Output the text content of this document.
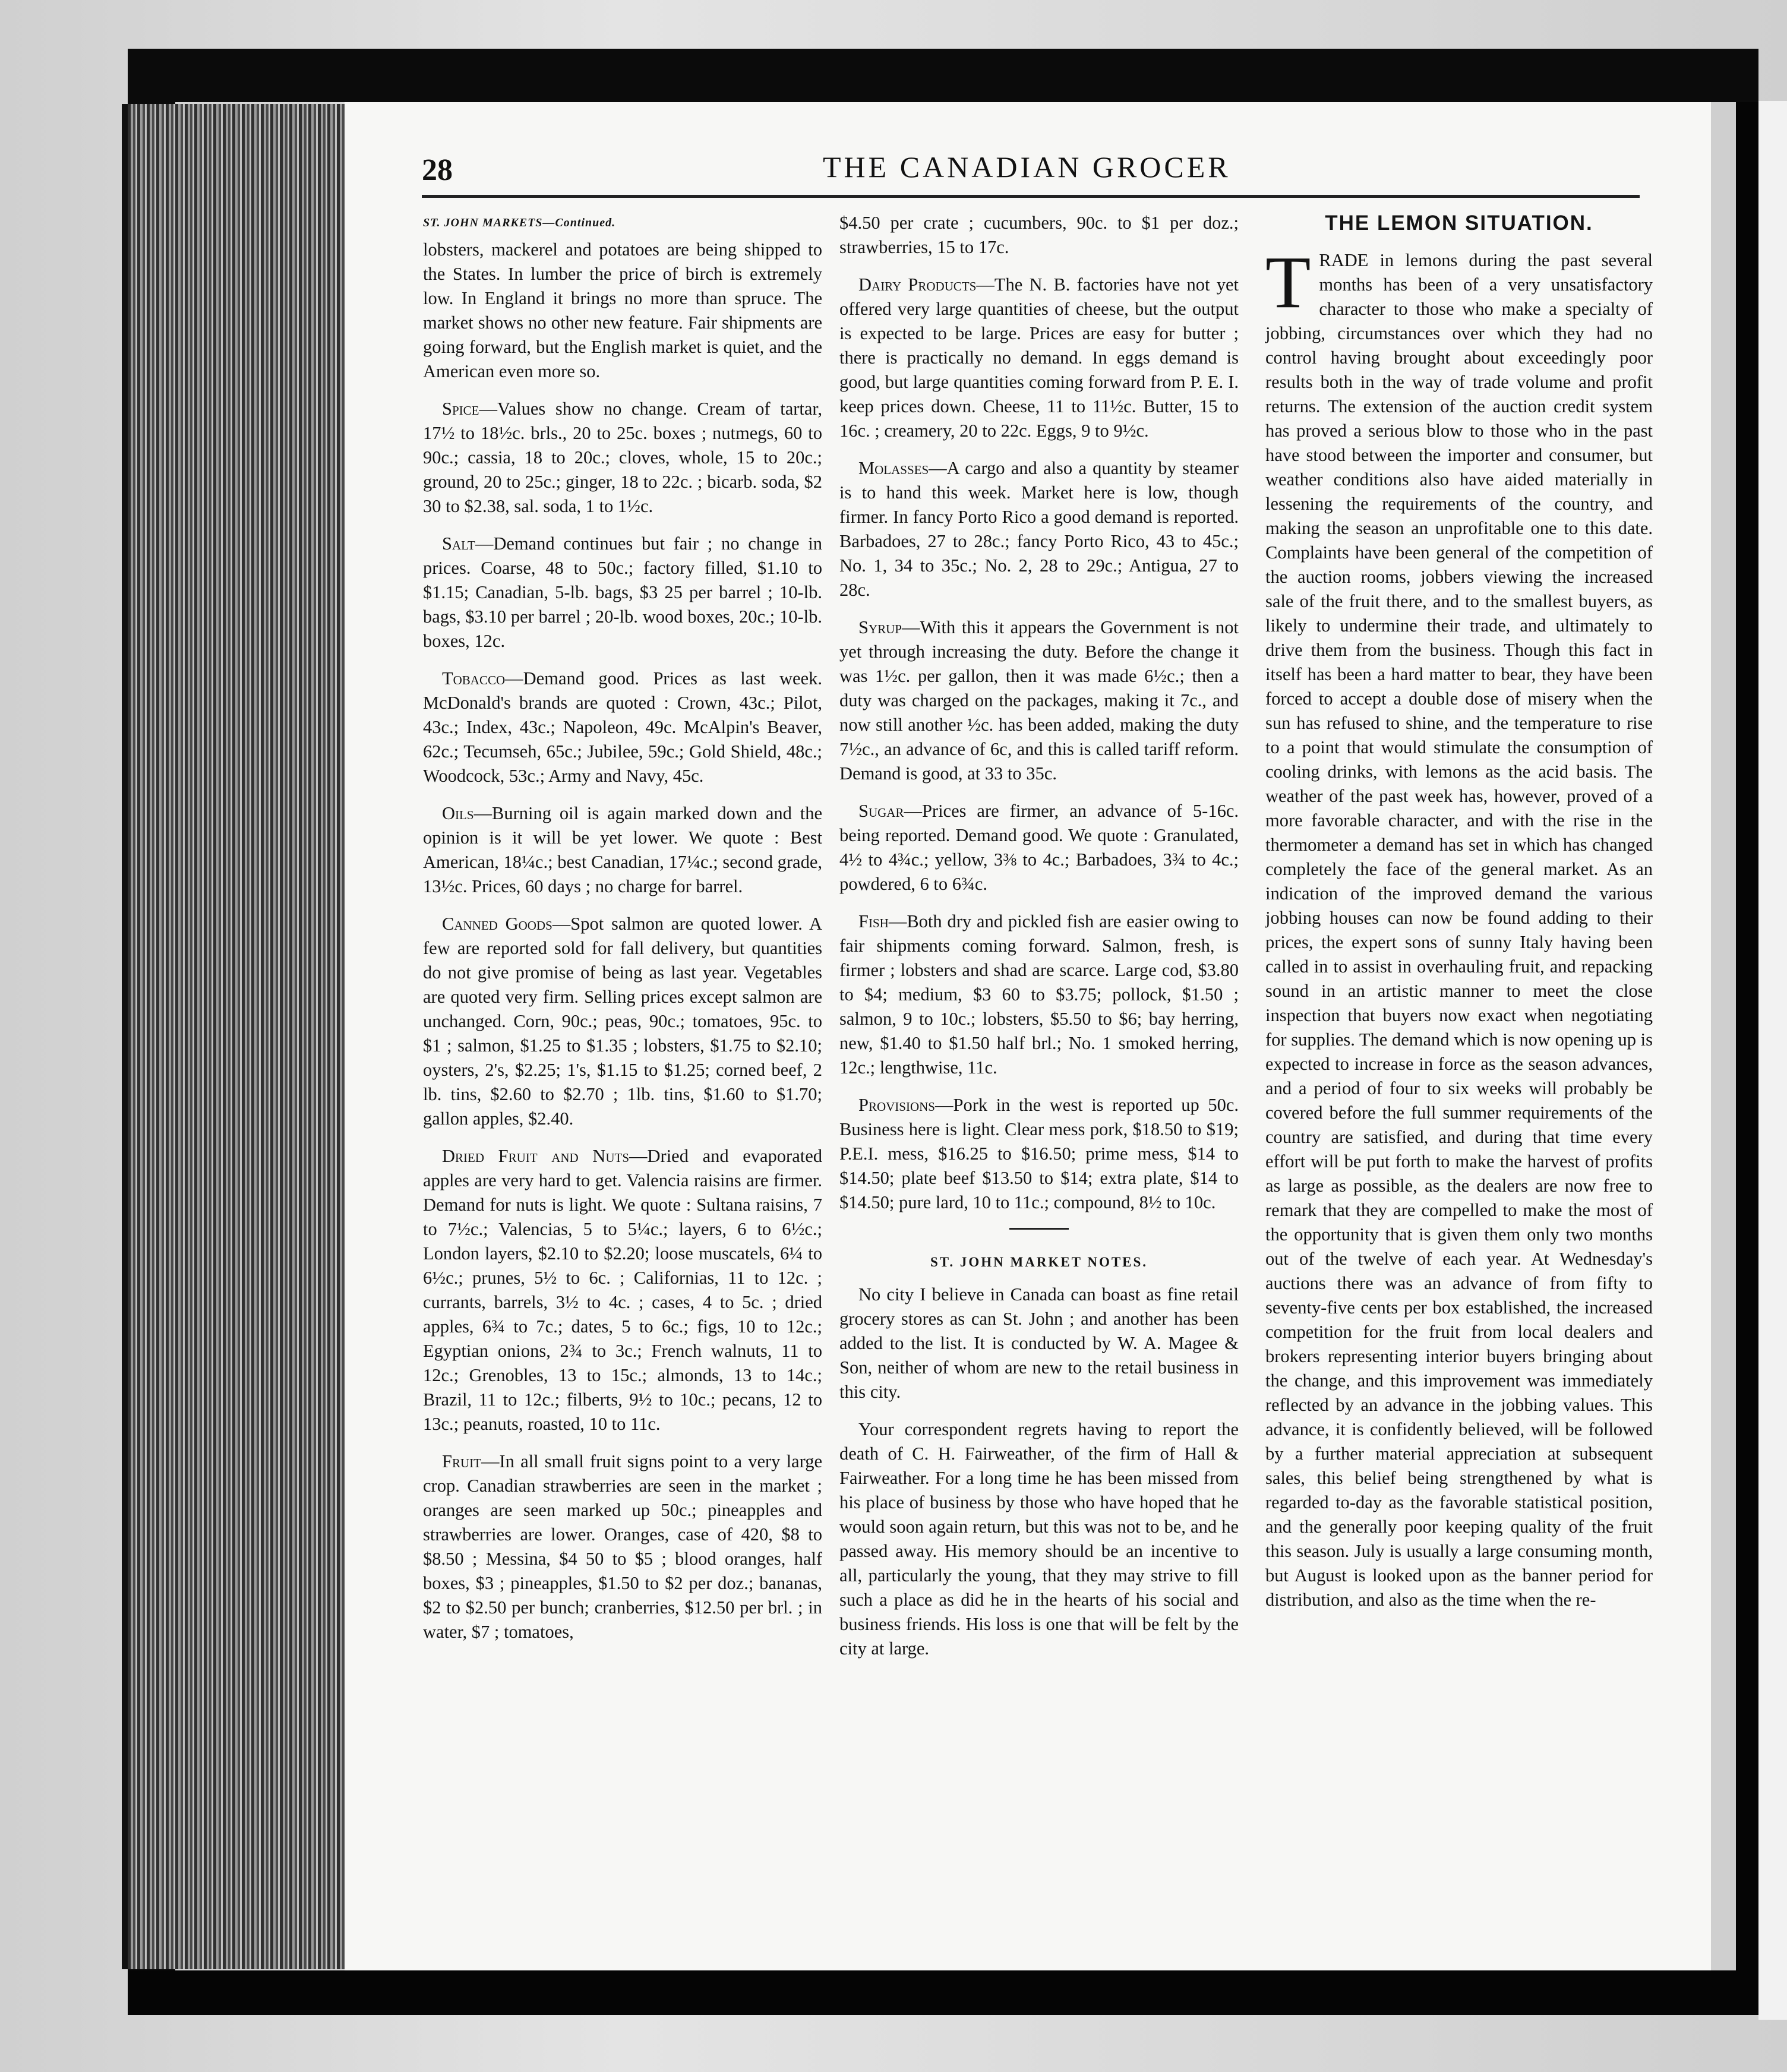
28	THE CANADIAN GROCER
ST. JOHN MARKETS—Continued.

lobsters, mackerel and potatoes are being shipped to the States. In lumber the price of birch is extremely low. In England it brings no more than spruce. The market shows no other new feature. Fair shipments are going forward, but the English market is quiet, and the American even more so.

Spice—Values show no change. Cream of tartar, 17½ to 18½c. brls., 20 to 25c. boxes ; nutmegs, 60 to 90c.; cassia, 18 to 20c.; cloves, whole, 15 to 20c.; ground, 20 to 25c.; ginger, 18 to 22c. ; bicarb. soda, $2 30 to $2.38, sal. soda, 1 to 1½c.

Salt—Demand continues but fair ; no change in prices. Coarse, 48 to 50c.; factory filled, $1.10 to $1.15; Canadian, 5-lb. bags, $3 25 per barrel ; 10-lb. bags, $3.10 per barrel ; 20-lb. wood boxes, 20c.; 10-lb. boxes, 12c.

Tobacco—Demand good. Prices as last week. McDonald's brands are quoted : Crown, 43c.; Pilot, 43c.; Index, 43c.; Napoleon, 49c. McAlpin's Beaver, 62c.; Tecumseh, 65c.; Jubilee, 59c.; Gold Shield, 48c.; Woodcock, 53c.; Army and Navy, 45c.

Oils—Burning oil is again marked down and the opinion is it will be yet lower. We quote : Best American, 18¼c.; best Canadian, 17¼c.; second grade, 13½c. Prices, 60 days ; no charge for barrel.

Canned Goods—Spot salmon are quoted lower. A few are reported sold for fall delivery, but quantities do not give promise of being as last year. Vegetables are quoted very firm. Selling prices except salmon are unchanged. Corn, 90c.; peas, 90c.; tomatoes, 95c. to $1 ; salmon, $1.25 to $1.35 ; lobsters, $1.75 to $2.10; oysters, 2's, $2.25; 1's, $1.15 to $1.25; corned beef, 2 lb. tins, $2.60 to $2.70 ; 1lb. tins, $1.60 to $1.70; gallon apples, $2.40.

Dried Fruit and Nuts—Dried and evaporated apples are very hard to get. Valencia raisins are firmer. Demand for nuts is light. We quote : Sultana raisins, 7 to 7½c.; Valencias, 5 to 5¼c.; layers, 6 to 6½c.; London layers, $2.10 to $2.20; loose muscatels, 6¼ to 6½c.; prunes, 5½ to 6c. ; Californias, 11 to 12c. ; currants, barrels, 3½ to 4c. ; cases, 4 to 5c. ; dried apples, 6¾ to 7c.; dates, 5 to 6c.; figs, 10 to 12c.; Egyptian onions, 2¾ to 3c.; French walnuts, 11 to 12c.; Grenobles, 13 to 15c.; almonds, 13 to 14c.; Brazil, 11 to 12c.; filberts, 9½ to 10c.; pecans, 12 to 13c.; peanuts, roasted, 10 to 11c.

Fruit—In all small fruit signs point to a very large crop. Canadian strawberries are seen in the market ; oranges are seen marked up 50c.; pineapples and strawberries are lower. Oranges, case of 420, $8 to $8.50 ; Messina, $4 50 to $5 ; blood oranges, half boxes, $3 ; pineapples, $1.50 to $2 per doz.; bananas, $2 to $2.50 per bunch; cranberries, $12.50 per brl. ; in water, $7 ; tomatoes,

$4.50 per crate ; cucumbers, 90c. to $1 per doz.; strawberries, 15 to 17c.

Dairy Products—The N. B. factories have not yet offered very large quantities of cheese, but the output is expected to be large. Prices are easy for butter ; there is practically no demand. In eggs demand is good, but large quantities coming forward from P. E. I. keep prices down. Cheese, 11 to 11½c. Butter, 15 to 16c. ; creamery, 20 to 22c. Eggs, 9 to 9½c.

Molasses—A cargo and also a quantity by steamer is to hand this week. Market here is low, though firmer. In fancy Porto Rico a good demand is reported. Barbadoes, 27 to 28c.; fancy Porto Rico, 43 to 45c.; No. 1, 34 to 35c.; No. 2, 28 to 29c.; Antigua, 27 to 28c.

Syrup—With this it appears the Government is not yet through increasing the duty. Before the change it was 1½c. per gallon, then it was made 6½c.; then a duty was charged on the packages, making it 7c., and now still another ½c. has been added, making the duty 7½c., an advance of 6c, and this is called tariff reform. Demand is good, at 33 to 35c.

Sugar—Prices are firmer, an advance of 5-16c. being reported. Demand good. We quote : Granulated, 4½ to 4¾c.; yellow, 3⅜ to 4c.; Barbadoes, 3¾ to 4c.; powdered, 6 to 6¾c.

Fish—Both dry and pickled fish are easier owing to fair shipments coming forward. Salmon, fresh, is firmer ; lobsters and shad are scarce. Large cod, $3.80 to $4; medium, $3 60 to $3.75; pollock, $1.50 ; salmon, 9 to 10c.; lobsters, $5.50 to $6; bay herring, new, $1.40 to $1.50 half brl.; No. 1 smoked herring, 12c.; lengthwise, 11c.

Provisions—Pork in the west is reported up 50c. Business here is light. Clear mess pork, $18.50 to $19; P.E.I. mess, $16.25 to $16.50; prime mess, $14 to $14.50; plate beef $13.50 to $14; extra plate, $14 to $14.50; pure lard, 10 to 11c.; compound, 8½ to 10c.

ST. JOHN MARKET NOTES.

No city I believe in Canada can boast as fine retail grocery stores as can St. John ; and another has been added to the list. It is conducted by W. A. Magee & Son, neither of whom are new to the retail business in this city.

Your correspondent regrets having to report the death of C. H. Fairweather, of the firm of Hall & Fairweather. For a long time he has been missed from his place of business by those who have hoped that he would soon again return, but this was not to be, and he passed away. His memory should be an incentive to all, particularly the young, that they may strive to fill such a place as did he in the hearts of his social and business friends. His loss is one that will be felt by the city at large.

THE LEMON SITUATION.

TRADE in lemons during the past several months has been of a very unsatisfactory character to those who make a specialty of jobbing, circumstances over which they had no control having brought about exceedingly poor results both in the way of trade volume and profit returns. The extension of the auction credit system has proved a serious blow to those who in the past have stood between the importer and consumer, but weather conditions also have aided materially in lessening the requirements of the country, and making the season an unprofitable one to this date. Complaints have been general of the competition of the auction rooms, jobbers viewing the increased sale of the fruit there, and to the smallest buyers, as likely to undermine their trade, and ultimately to drive them from the business. Though this fact in itself has been a hard matter to bear, they have been forced to accept a double dose of misery when the sun has refused to shine, and the temperature to rise to a point that would stimulate the consumption of cooling drinks, with lemons as the acid basis. The weather of the past week has, however, proved of a more favorable character, and with the rise in the thermometer a demand has set in which has changed completely the face of the general market. As an indication of the improved demand the various jobbing houses can now be found adding to their prices, the expert sons of sunny Italy having been called in to assist in overhauling fruit, and repacking sound in an artistic manner to meet the close inspection that buyers now exact when negotiating for supplies. The demand which is now opening up is expected to increase in force as the season advances, and a period of four to six weeks will probably be covered before the full summer requirements of the country are satisfied, and during that time every effort will be put forth to make the harvest of profits as large as possible, as the dealers are now free to remark that they are compelled to make the most of the opportunity that is given them only two months out of the twelve of each year. At Wednesday's auctions there was an advance of from fifty to seventy-five cents per box established, the increased competition for the fruit from local dealers and brokers representing interior buyers bringing about the change, and this improvement was immediately reflected by an advance in the jobbing values. This advance, it is confidently believed, will be followed by a further material appreciation at subsequent sales, this belief being strengthened by what is regarded to-day as the favorable statistical position, and the generally poor keeping quality of the fruit this season. July is usually a large consuming month, but August is looked upon as the banner period for distribution, and also as the time when the re-
